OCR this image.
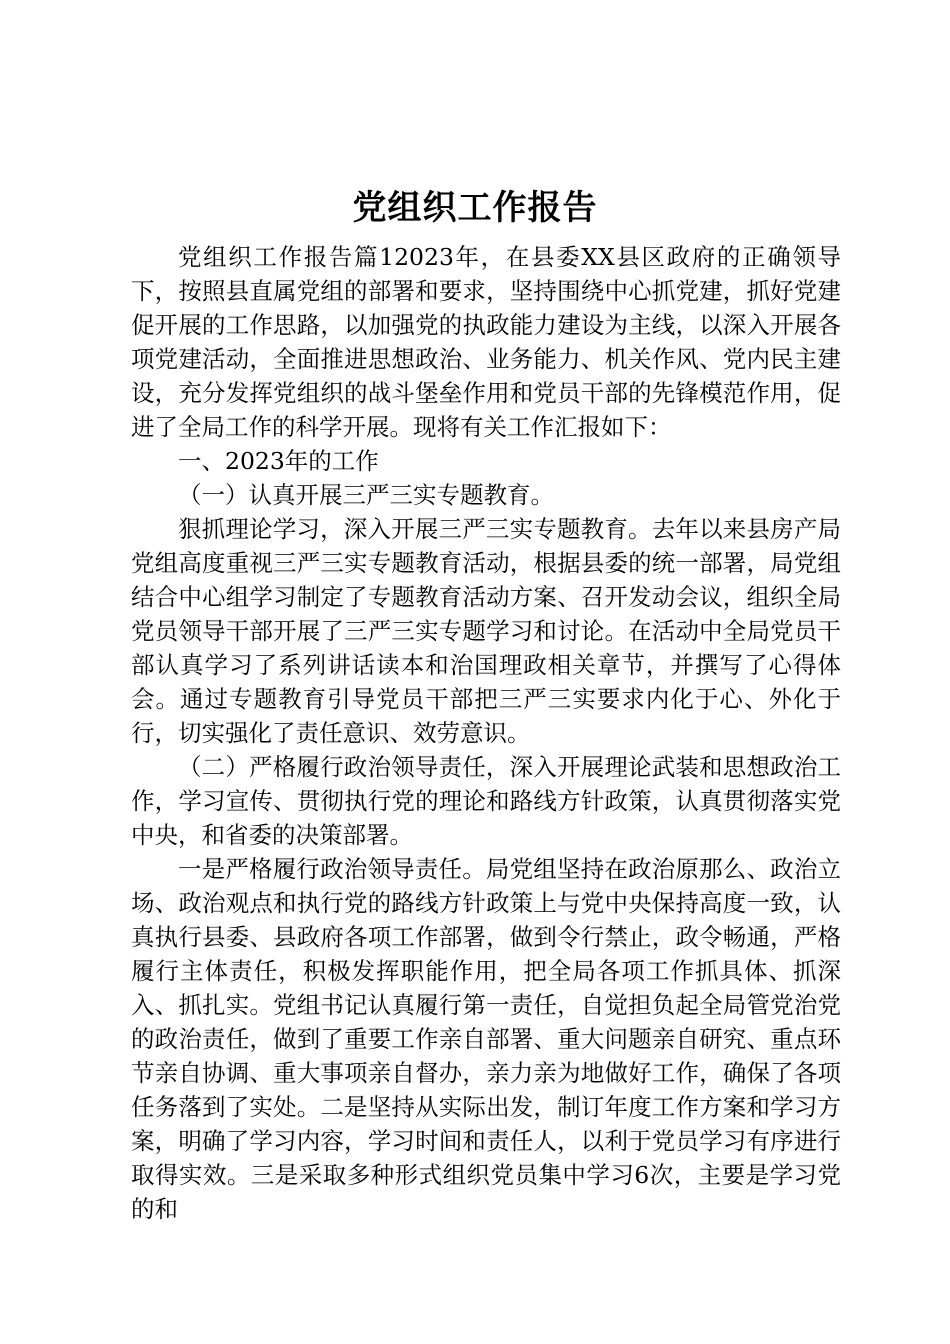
党组织工作报告

党组织工作报告篇12023年，在县委XX县区政府的正确领导下，按照县直属党组的部署和要求，坚持围绕中心抓党建，抓好党建促开展的工作思路，以加强党的执政能力建设为主线，以深入开展各项党建活动，全面推进思想政治、业务能力、机关作风、党内民主建设，充分发挥党组织的战斗堡垒作用和党员干部的先锋模范作用，促进了全局工作的科学开展。现将有关工作汇报如下：

一、2023年的工作

（一）认真开展三严三实专题教育。

狠抓理论学习，深入开展三严三实专题教育。去年以来县房产局党组高度重视三严三实专题教育活动，根据县委的统一部署，局党组结合中心组学习制定了专题教育活动方案、召开发动会议，组织全局党员领导干部开展了三严三实专题学习和讨论。在活动中全局党员干部认真学习了系列讲话读本和治国理政相关章节，并撰写了心得体会。通过专题教育引导党员干部把三严三实要求内化于心、外化于行，切实强化了责任意识、效劳意识。

（二）严格履行政治领导责任，深入开展理论武装和思想政治工作，学习宣传、贯彻执行党的理论和路线方针政策，认真贯彻落实党中央，和省委的决策部署。

一是严格履行政治领导责任。局党组坚持在政治原那么、政治立场、政治观点和执行党的路线方针政策上与党中央保持高度一致，认真执行县委、县政府各项工作部署，做到令行禁止，政令畅通，严格履行主体责任，积极发挥职能作用，把全局各项工作抓具体、抓深入、抓扎实。党组书记认真履行第一责任，自觉担负起全局管党治党的政治责任，做到了重要工作亲自部署、重大问题亲自研究、重点环节亲自协调、重大事项亲自督办，亲力亲为地做好工作，确保了各项任务落到了实处。二是坚持从实际出发，制订年度工作方案和学习方案，明确了学习内容，学习时间和责任人，以利于党员学习有序进行取得实效。三是采取多种形式组织党员集中学习6次，主要是学习党的和
